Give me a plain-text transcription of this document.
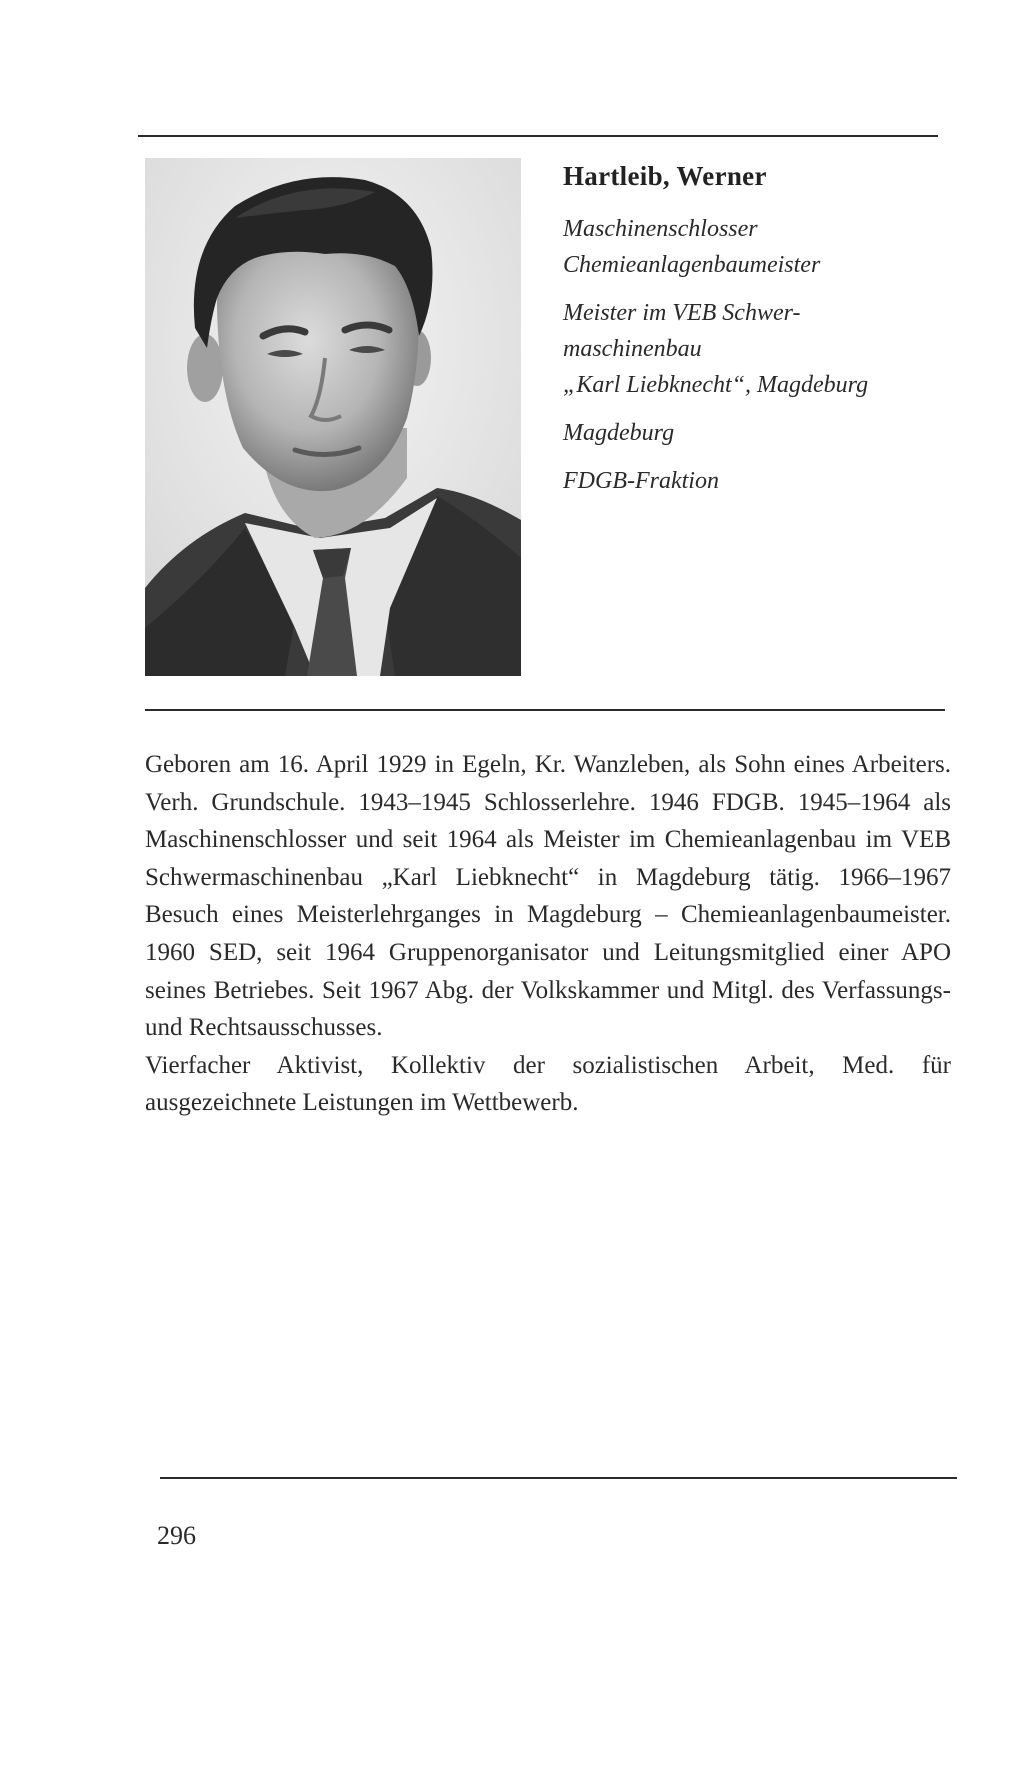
Hartleib, Werner
Maschinenschlosser
Chemieanlagenbaumeister
Meister im VEB Schwer-
maschinenbau
„Karl Liebknecht“, Magdeburg
Magdeburg
FDGB-Fraktion

Geboren am 16. April 1929 in Egeln, Kr. Wanzleben, als Sohn eines Arbeiters. Verh. Grundschule. 1943–1945 Schlosserlehre. 1946 FDGB. 1945–1964 als Maschinenschlosser und seit 1964 als Meister im Chemieanlagenbau im VEB Schwermaschinenbau „Karl Liebknecht“ in Magdeburg tätig. 1966–1967 Besuch eines Meisterlehrganges in Magdeburg – Chemieanlagenbaumeister. 1960 SED, seit 1964 Gruppenorganisator und Leitungsmitglied einer APO seines Betriebes. Seit 1967 Abg. der Volkskammer und Mitgl. des Verfassungs- und Rechtsausschusses.

Vierfacher Aktivist, Kollektiv der sozialistischen Arbeit, Med. für ausgezeichnete Leistungen im Wettbewerb.

296
